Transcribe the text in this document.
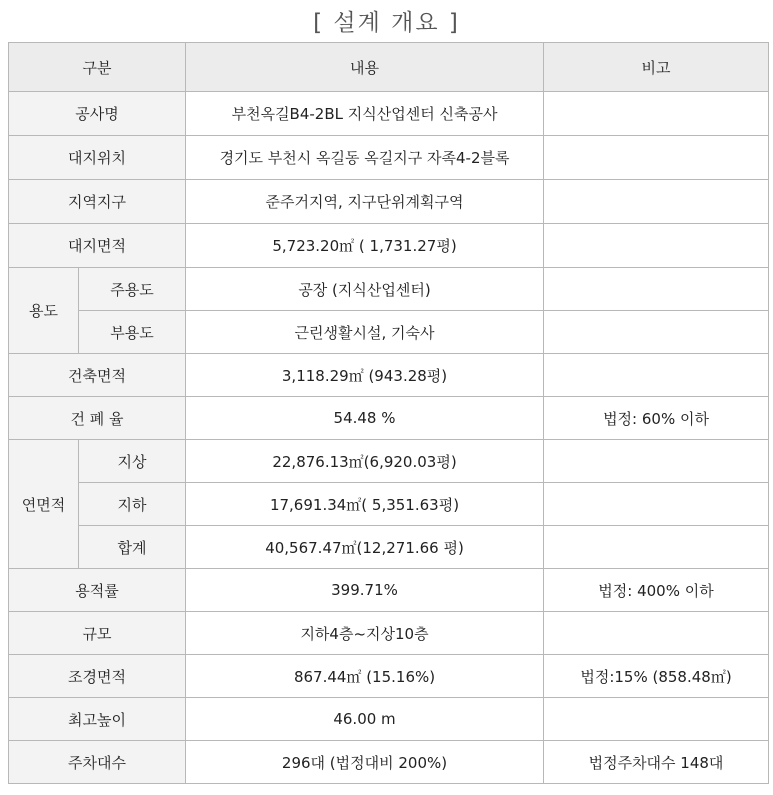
[ 설계 개요 ]
구분		내용	비고
공사명		부천옥길B4-2BL 지식산업센터 신축공사	
대지위치		경기도 부천시 옥길동 옥길지구 자족4-2블록	
지역지구		준주거지역, 지구단위계획구역	
대지면적		5,723.20㎡ ( 1,731.27평)	
용도	주용도	공장 (지식산업센터)	
	부용도	근린생활시설, 기숙사	
건축면적		3,118.29㎡ (943.28평)	
건 폐 율		54.48 %	법정: 60% 이하
연면적	지상	22,876.13㎡(6,920.03평)	
	지하	17,691.34㎡( 5,351.63평)	
	합계	40,567.47㎡(12,271.66 평)	
용적률		399.71%	법정: 400% 이하
규모		지하4층~지상10층	
조경면적		867.44㎡ (15.16%)	법정:15% (858.48㎡)
최고높이		46.00 m	
주차대수		296대 (법정대비 200%)	법정주차대수 148대
